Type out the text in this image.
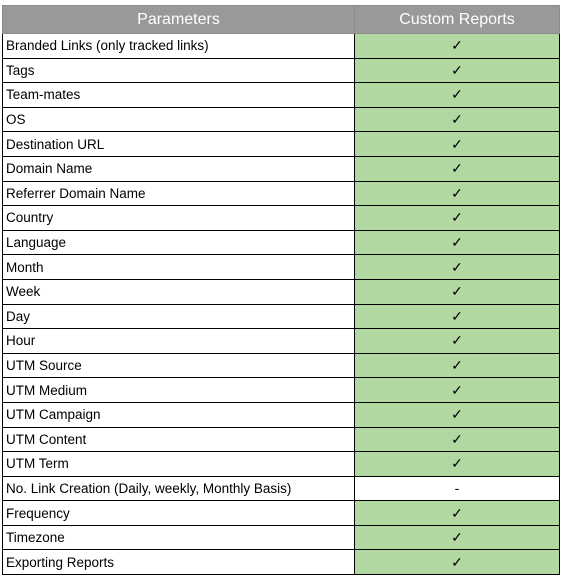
Parameters	Custom Reports
Branded Links (only tracked links)	✓
Tags	✓
Team-mates	✓
OS	✓
Destination URL	✓
Domain Name	✓
Referrer Domain Name	✓
Country	✓
Language	✓
Month	✓
Week	✓
Day	✓
Hour	✓
UTM Source	✓
UTM Medium	✓
UTM Campaign	✓
UTM Content	✓
UTM Term	✓
No. Link Creation (Daily, weekly, Monthly Basis)	-
Frequency	✓
Timezone	✓
Exporting Reports	✓
